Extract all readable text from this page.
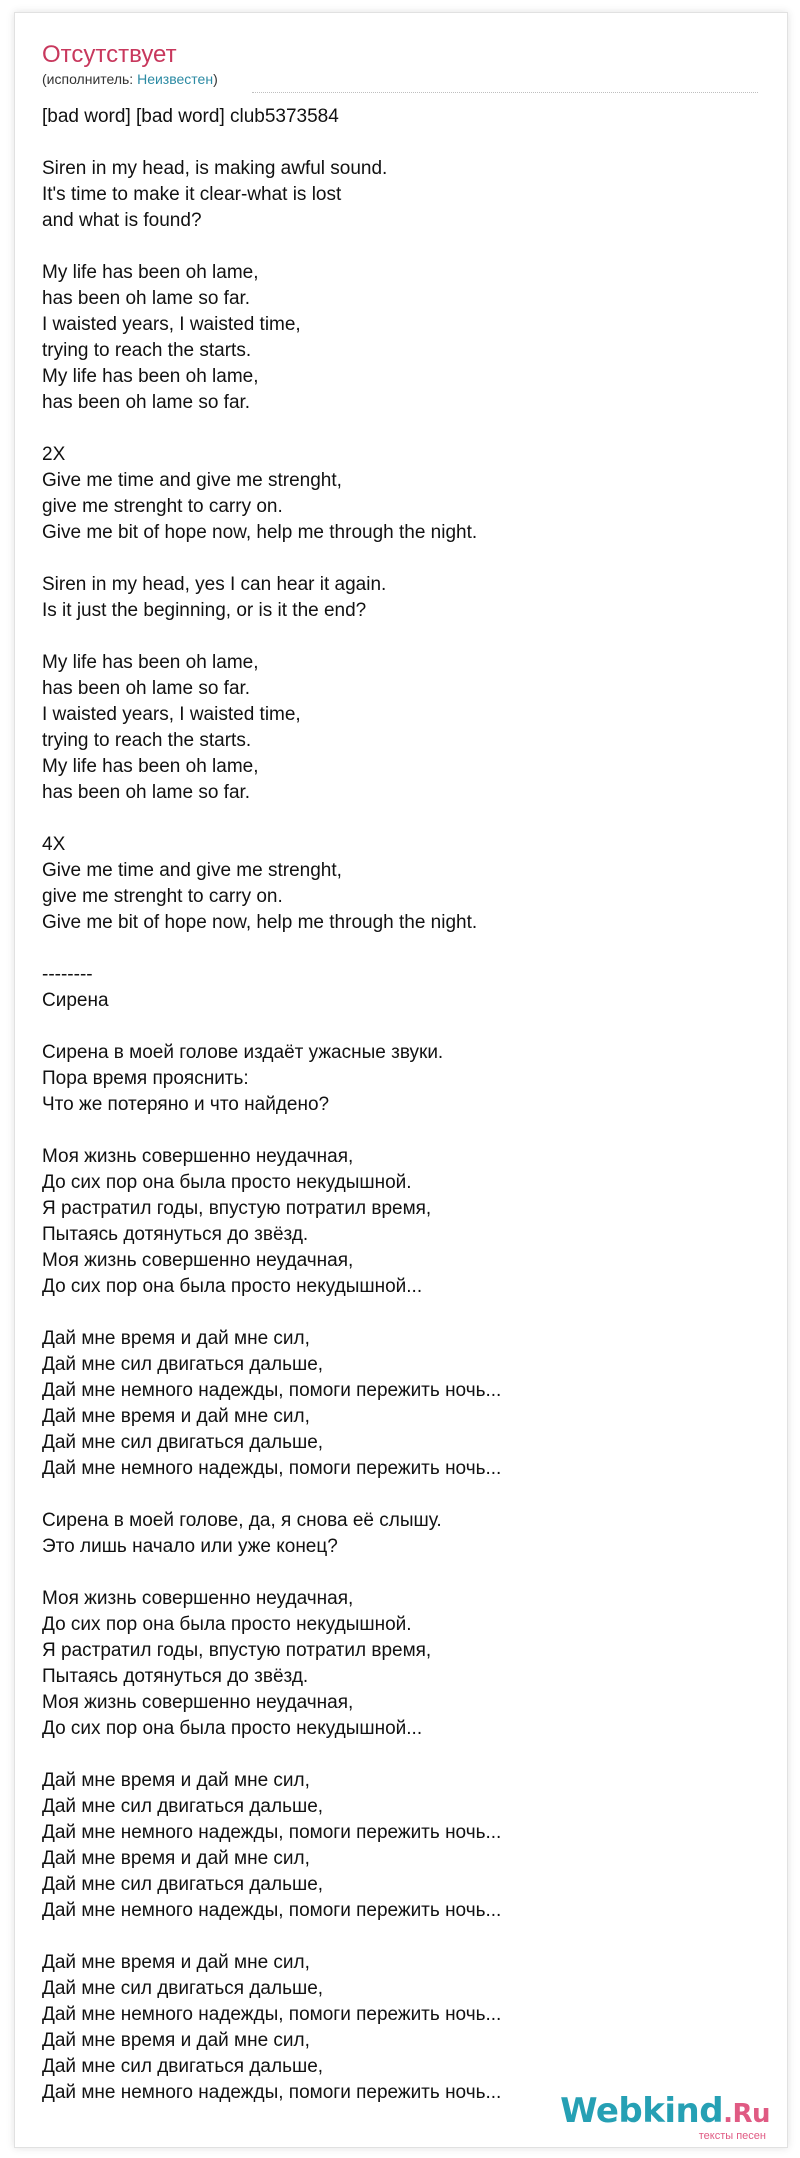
Отсутствует
(исполнитель: Неизвестен)
[bad word] [bad word] club5373584
Siren in my head, is making awful sound.
It's time to make it clear-what is lost
and what is found?
My life has been oh lame,
has been oh lame so far.
I waisted years, I waisted time,
trying to reach the starts.
My life has been oh lame,
has been oh lame so far.
2X
Give me time and give me strenght,
give me strenght to carry on.
Give me bit of hope now, help me through the night.
Siren in my head, yes I can hear it again.
Is it just the beginning, or is it the end?
My life has been oh lame,
has been oh lame so far.
I waisted years, I waisted time,
trying to reach the starts.
My life has been oh lame,
has been oh lame so far.
4X
Give me time and give me strenght,
give me strenght to carry on.
Give me bit of hope now, help me through the night.
--------
Сирена
Сирена в моей голове издаёт ужасные звуки.
Пора время прояснить:
Что же потеряно и что найдено?
Моя жизнь совершенно неудачная,
До сих пор она была просто некудышной.
Я растратил годы, впустую потратил время,
Пытаясь дотянуться до звёзд.
Моя жизнь совершенно неудачная,
До сих пор она была просто некудышной...
Дай мне время и дай мне сил,
Дай мне сил двигаться дальше,
Дай мне немного надежды, помоги пережить ночь...
Дай мне время и дай мне сил,
Дай мне сил двигаться дальше,
Дай мне немного надежды, помоги пережить ночь...
Сирена в моей голове, да, я снова её слышу.
Это лишь начало или уже конец?
Моя жизнь совершенно неудачная,
До сих пор она была просто некудышной.
Я растратил годы, впустую потратил время,
Пытаясь дотянуться до звёзд.
Моя жизнь совершенно неудачная,
До сих пор она была просто некудышной...
Дай мне время и дай мне сил,
Дай мне сил двигаться дальше,
Дай мне немного надежды, помоги пережить ночь...
Дай мне время и дай мне сил,
Дай мне сил двигаться дальше,
Дай мне немного надежды, помоги пережить ночь...
Дай мне время и дай мне сил,
Дай мне сил двигаться дальше,
Дай мне немного надежды, помоги пережить ночь...
Дай мне время и дай мне сил,
Дай мне сил двигаться дальше,
Дай мне немного надежды, помоги пережить ночь...	Webkind.Ru
тексты песен
